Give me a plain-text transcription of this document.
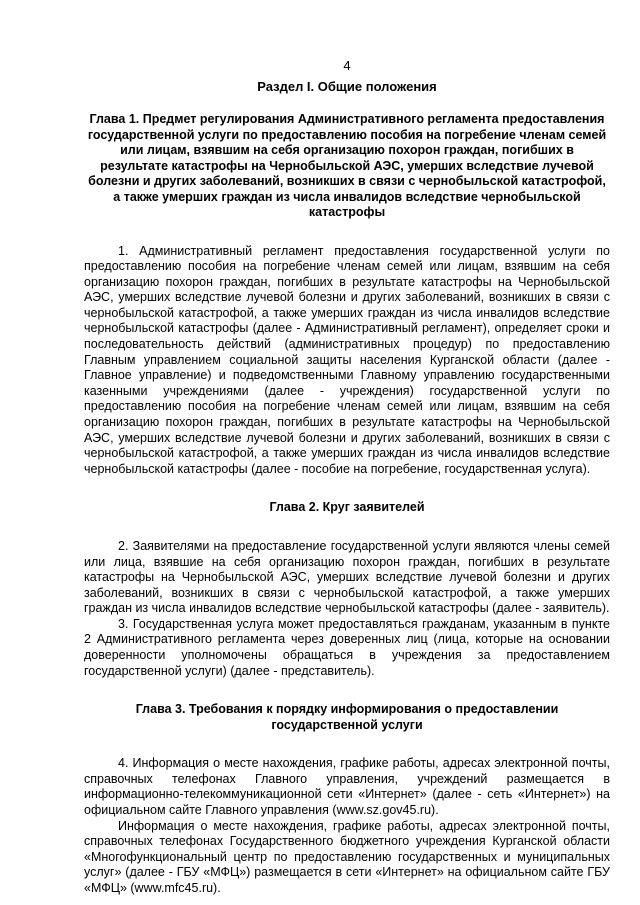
4
Раздел I. Общие положения
Глава 1. Предмет регулирования Административного регламента предоставления государственной услуги по предоставлению пособия на погребение членам семей или лицам, взявшим на себя организацию похорон граждан, погибших в результате катастрофы на Чернобыльской АЭС, умерших вследствие лучевой болезни и других заболеваний, возникших в связи с чернобыльской катастрофой, а также умерших граждан из числа инвалидов вследствие чернобыльской катастрофы

1. Административный регламент предоставления государственной услуги по предоставлению пособия на погребение членам семей или лицам, взявшим на себя организацию похорон граждан, погибших в результате катастрофы на Чернобыльской АЭС, умерших вследствие лучевой болезни и других заболеваний, возникших в связи с чернобыльской катастрофой, а также умерших граждан из числа инвалидов вследствие чернобыльской катастрофы (далее - Административный регламент), определяет сроки и последовательность действий (административных процедур) по предоставлению Главным управлением социальной защиты населения Курганской области (далее - Главное управление) и подведомственными Главному управлению государственными казенными учреждениями (далее - учреждения) государственной услуги по предоставлению пособия на погребение членам семей или лицам, взявшим на себя организацию похорон граждан, погибших в результате катастрофы на Чернобыльской АЭС, умерших вследствие лучевой болезни и других заболеваний, возникших в связи с чернобыльской катастрофой, а также умерших граждан из числа инвалидов вследствие чернобыльской катастрофы (далее - пособие на погребение, государственная услуга).

Глава 2. Круг заявителей

2. Заявителями на предоставление государственной услуги являются члены семей или лица, взявшие на себя организацию похорон граждан, погибших в результате катастрофы на Чернобыльской АЭС, умерших вследствие лучевой болезни и других заболеваний, возникших в связи с чернобыльской катастрофой, а также умерших граждан из числа инвалидов вследствие чернобыльской катастрофы (далее - заявитель).

3. Государственная услуга может предоставляться гражданам, указанным в пункте 2 Административного регламента через доверенных лиц (лица, которые на основании доверенности уполномочены обращаться в учреждения за предоставлением государственной услуги) (далее - представитель).

Глава 3. Требования к порядку информирования о предоставлении государственной услуги

4. Информация о месте нахождения, графике работы, адресах электронной почты, справочных телефонах Главного управления, учреждений размещается в информационно-телекоммуникационной сети «Интернет» (далее - сеть «Интернет») на официальном сайте Главного управления (www.sz.gov45.ru).

Информация о месте нахождения, графике работы, адресах электронной почты, справочных телефонах Государственного бюджетного учреждения Курганской области «Многофункциональный центр по предоставлению государственных и муниципальных услуг» (далее - ГБУ «МФЦ») размещается в сети «Интернет» на официальном сайте ГБУ «МФЦ» (www.mfc45.ru).
